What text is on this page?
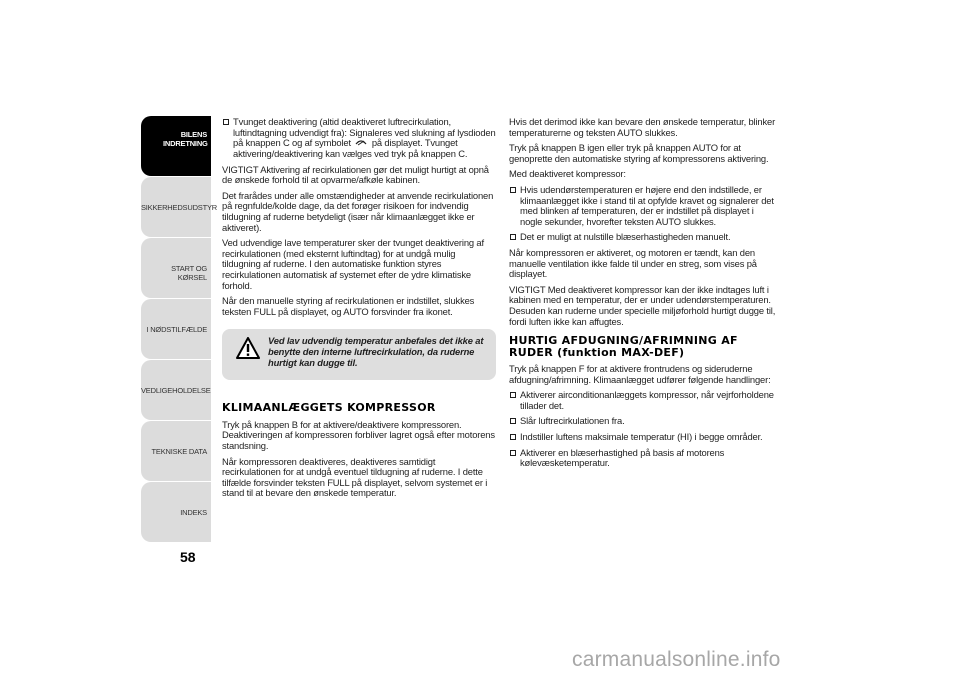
BILENS INDRETNING
SIKKERHEDSUDSTYR
START OG KØRSEL
I NØDSTILFÆLDE
VEDLIGEHOLDELSE
TEKNISKE DATA
INDEKS
58
Tvunget deaktivering (altid deaktiveret luftrecirkulation, luftindtagning udvendigt fra): Signaleres ved slukning af lysdioden på knappen C og af symbolet på displayet. Tvunget aktivering/deaktivering kan vælges ved tryk på knappen C.

VIGTIGT Aktivering af recirkulationen gør det muligt hurtigt at opnå de ønskede forhold til at opvarme/afkøle kabinen.

Det frarådes under alle omstændigheder at anvende recirkulationen på regnfulde/kolde dage, da det forøger risikoen for indvendig tildugning af ruderne betydeligt (især når klimaanlægget ikke er aktiveret).

Ved udvendige lave temperaturer sker der tvunget deaktivering af recirkulationen (med eksternt luftindtag) for at undgå mulig tildugning af ruderne. I den automatiske funktion styres recirkulationen automatisk af systemet efter de ydre klimatiske forhold.

Når den manuelle styring af recirkulationen er indstillet, slukkes teksten FULL på displayet, og AUTO forsvinder fra ikonet.

Ved lav udvendig temperatur anbefales det ikke at benytte den interne luftrecirkulation, da ruderne hurtigt kan dugge til.
KLIMAANLÆGGETS KOMPRESSOR

Tryk på knappen B for at aktivere/deaktivere kompressoren. Deaktiveringen af kompressoren forbliver lagret også efter motorens standsning.

Når kompressoren deaktiveres, deaktiveres samtidigt recirkulationen for at undgå eventuel tildugning af ruderne. I dette tilfælde forsvinder teksten FULL på displayet, selvom systemet er i stand til at bevare den ønskede temperatur.

Hvis det derimod ikke kan bevare den ønskede temperatur, blinker temperaturerne og teksten AUTO slukkes.

Tryk på knappen B igen eller tryk på knappen AUTO for at genoprette den automatiske styring af kompressorens aktivering.

Med deaktiveret kompressor:

Hvis udendørstemperaturen er højere end den indstillede, er klimaanlægget ikke i stand til at opfylde kravet og signalerer det med blinken af temperaturen, der er indstillet på displayet i nogle sekunder, hvorefter teksten AUTO slukkes.
Det er muligt at nulstille blæserhastigheden manuelt.

Når kompressoren er aktiveret, og motoren er tændt, kan den manuelle ventilation ikke falde til under en streg, som vises på displayet.

VIGTIGT Med deaktiveret kompressor kan der ikke indtages luft i kabinen med en temperatur, der er under udendørstemperaturen. Desuden kan ruderne under specielle miljøforhold hurtigt dugge til, fordi luften ikke kan affugtes.

HURTIG AFDUGNING/AFRIMNING AF RUDER (funktion MAX-DEF)

Tryk på knappen F for at aktivere frontrudens og sideruderne afdugning/afrimning. Klimaanlægget udfører følgende handlinger:

Aktiverer airconditionanlæggets kompressor, når vejrforholdene tillader det.
Slår luftrecirkulationen fra.
Indstiller luftens maksimale temperatur (HI) i begge områder.
Aktiverer en blæserhastighed på basis af motorens kølevæsketemperatur.
carmanualsonline.info
